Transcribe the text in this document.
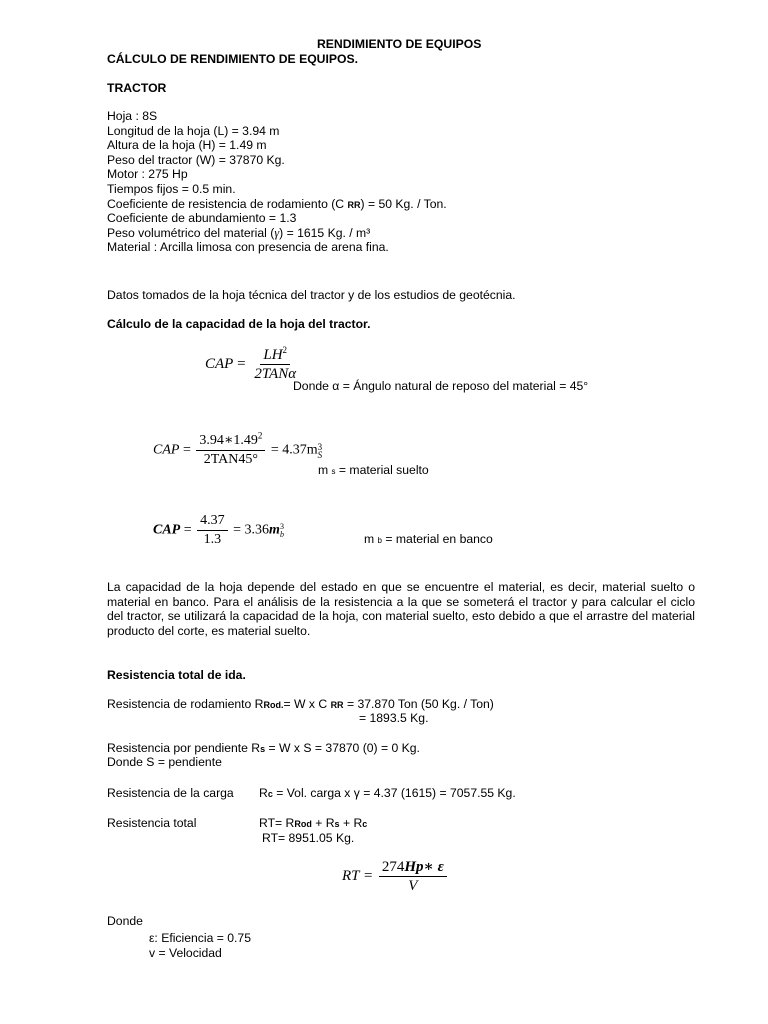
RENDIMIENTO DE EQUIPOS
CÁLCULO DE RENDIMIENTO DE EQUIPOS.
TRACTOR
Hoja : 8S
Longitud de la hoja (L) = 3.94 m
Altura de la hoja (H) = 1.49 m
Peso del tractor (W) = 37870 Kg.
Motor : 275 Hp
Tiempos fijos = 0.5 min.
Coeficiente de resistencia de rodamiento (C RR) = 50 Kg. / Ton.
Coeficiente de abundamiento = 1.3
Peso volumétrico del material (γ) = 1615 Kg. / m³
Material : Arcilla limosa con presencia de arena fina.
Datos tomados de la hoja técnica del tractor y de los estudios de geotécnia.
Cálculo de la capacidad de la hoja del tractor.
CAP = $\frac{LH^2}{\text{2TANα}}$
Donde α = Ángulo natural de reposo del material = 45°
CAP = $\frac{3.94∗1.49^2}{\text{2TAN45°}} = 4.37m$ 3
S
m s = material suelto
CAP = $\frac{4.37}{1.3} = 3.36m$ 3
b	m b = material en banco
La capacidad de la hoja depende del estado en que se encuentre el material, es decir, material suelto o material en banco. Para el análisis de la resistencia a la que se someterá el tractor y para calcular el ciclo del tractor, se utilizará la capacidad de la hoja, con material suelto, esto debido a que el arrastre del material producto del corte, es material suelto.
Resistencia total de ida.
Resistencia de rodamiento RRod.= W x C RR = 37.870 Ton (50 Kg. / Ton)
= 1893.5 Kg.
Resistencia por pendiente Rs = W x S = 37870 (0) = 0 Kg.
Donde S = pendiente
Resistencia de la carga Rc = Vol. carga x γ = 4.37 (1615) = 7057.55 Kg.
Resistencia total	RT= RRod + Rs + Rc
RT= 8951.05 Kg.
RT = $\frac{274Hp∗ \varepsilon}{V}$
Donde
ε: Eficiencia = 0.75
v = Velocidad
